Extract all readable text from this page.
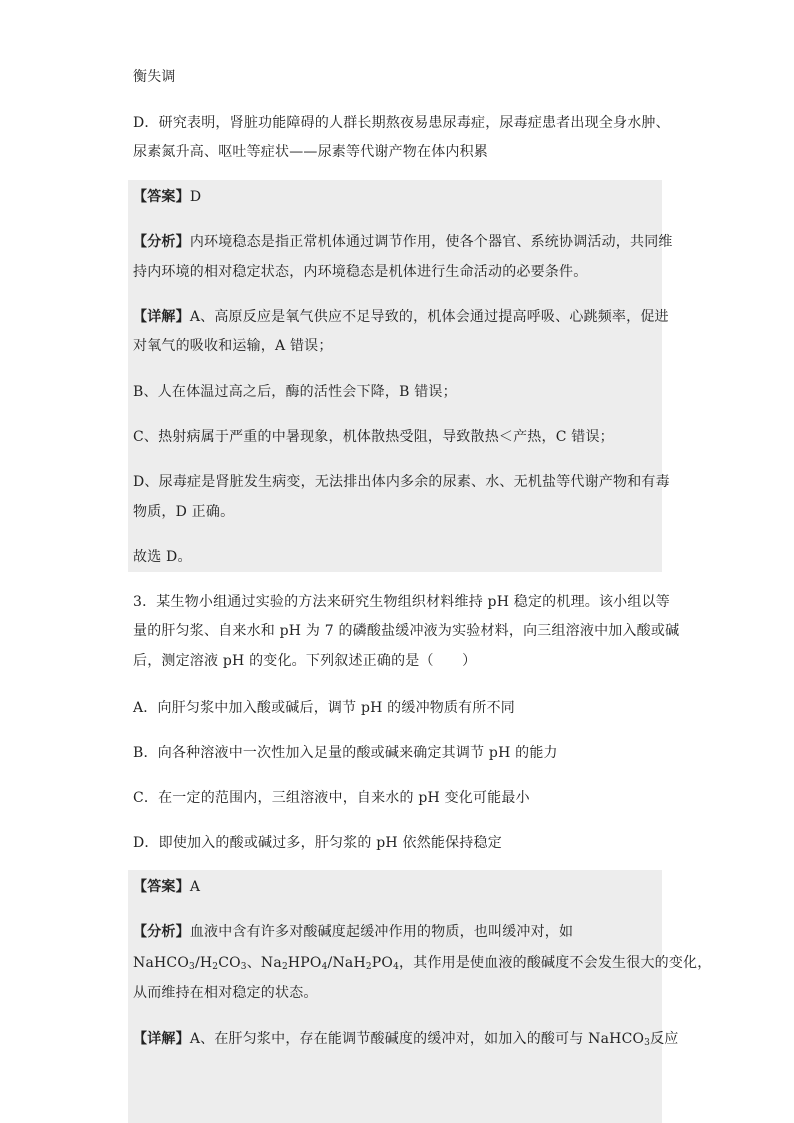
衡失调
D．研究表明，肾脏功能障碍的人群长期熬夜易患尿毒症，尿毒症患者出现全身水肿、
尿素氮升高、呕吐等症状——尿素等代谢产物在体内积累
【答案】D
【分析】内环境稳态是指正常机体通过调节作用，使各个器官、系统协调活动，共同维
持内环境的相对稳定状态，内环境稳态是机体进行生命活动的必要条件。
【详解】A、高原反应是氧气供应不足导致的，机体会通过提高呼吸、心跳频率，促进
对氧气的吸收和运输，A 错误；
B、人在体温过高之后，酶的活性会下降，B 错误；
C、热射病属于严重的中暑现象，机体散热受阻，导致散热＜产热，C 错误；
D、尿毒症是肾脏发生病变，无法排出体内多余的尿素、水、无机盐等代谢产物和有毒
物质，D 正确。
故选 D。
3．某生物小组通过实验的方法来研究生物组织材料维持 pH 稳定的机理。该小组以等
量的肝匀浆、自来水和 pH 为 7 的磷酸盐缓冲液为实验材料，向三组溶液中加入酸或碱
后，测定溶液 pH 的变化。下列叙述正确的是（　　）
A．向肝匀浆中加入酸或碱后，调节 pH 的缓冲物质有所不同
B．向各种溶液中一次性加入足量的酸或碱来确定其调节 pH 的能力
C．在一定的范围内，三组溶液中，自来水的 pH 变化可能最小
D．即使加入的酸或碱过多，肝匀浆的 pH 依然能保持稳定
【答案】A
【分析】血液中含有许多对酸碱度起缓冲作用的物质，也叫缓冲对，如
$NaHCO_3/H_2CO_3$、$Na_2HPO_4/NaH_2PO_4$，其作用是使血液的酸碱度不会发生很大的变化，
从而维持在相对稳定的状态。
【详解】A、在肝匀浆中，存在能调节酸碱度的缓冲对，如加入的酸可与 NaHCO$_3$反应
